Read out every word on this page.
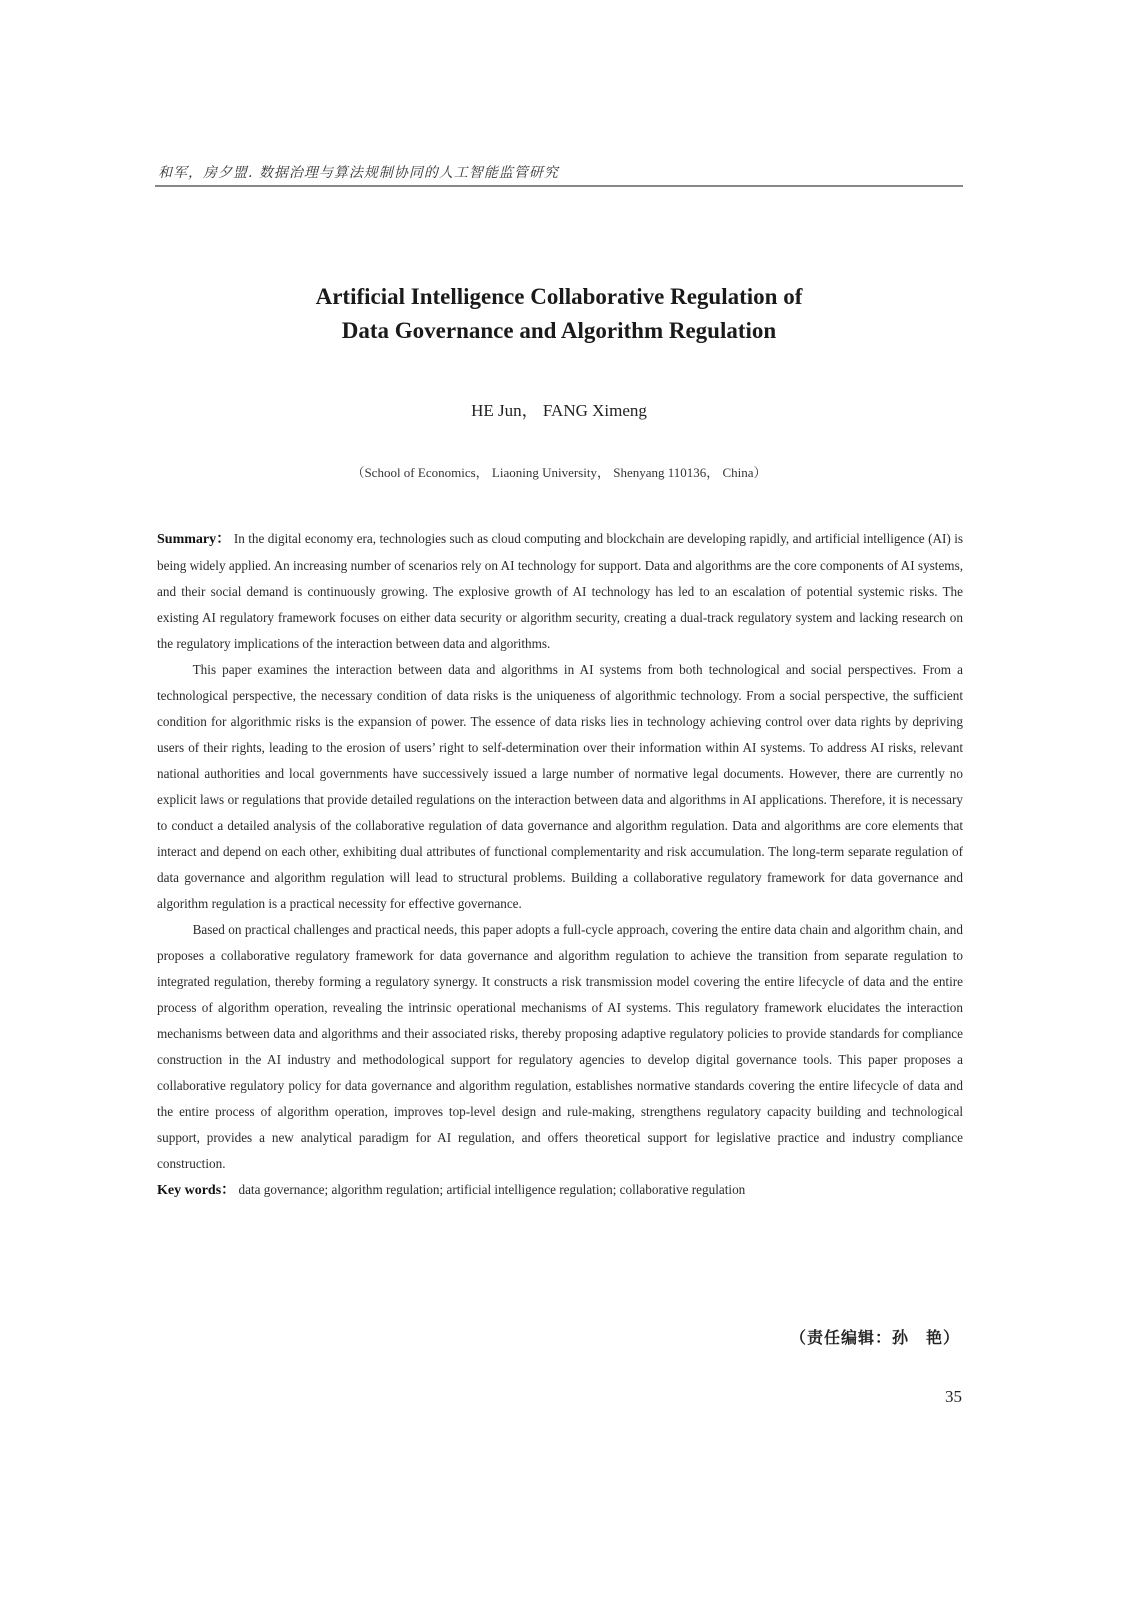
和军，房夕盟. 数据治理与算法规制协同的人工智能监管研究
Artificial Intelligence Collaborative Regulation of
Data Governance and Algorithm Regulation
HE Jun， FANG Ximeng
（School of Economics， Liaoning University， Shenyang 110136， China）

Summary： In the digital economy era, technologies such as cloud computing and blockchain are developing rapidly, and artificial intelligence (AI) is being widely applied. An increasing number of scenarios rely on AI technology for support. Data and algorithms are the core components of AI systems, and their social demand is continuously growing. The explosive growth of AI technology has led to an escalation of potential systemic risks. The existing AI regulatory framework focuses on either data security or algorithm security, creating a dual-track regulatory system and lacking research on the regulatory implications of the interaction between data and algorithms.

This paper examines the interaction between data and algorithms in AI systems from both technological and social perspectives. From a technological perspective, the necessary condition of data risks is the uniqueness of algorithmic technology. From a social perspective, the sufficient condition for algorithmic risks is the expansion of power. The essence of data risks lies in technology achieving control over data rights by depriving users of their rights, leading to the erosion of users’ right to self-determination over their information within AI systems. To address AI risks, relevant national authorities and local governments have successively issued a large number of normative legal documents. However, there are currently no explicit laws or regulations that provide detailed regulations on the interaction between data and algorithms in AI applications. Therefore, it is necessary to conduct a detailed analysis of the collaborative regulation of data governance and algorithm regulation. Data and algorithms are core elements that interact and depend on each other, exhibiting dual attributes of functional complementarity and risk accumulation. The long-term separate regulation of data governance and algorithm regulation will lead to structural problems. Building a collaborative regulatory framework for data governance and algorithm regulation is a practical necessity for effective governance.

Based on practical challenges and practical needs, this paper adopts a full-cycle approach, covering the entire data chain and algorithm chain, and proposes a collaborative regulatory framework for data governance and algorithm regulation to achieve the transition from separate regulation to integrated regulation, thereby forming a regulatory synergy. It constructs a risk transmission model covering the entire lifecycle of data and the entire process of algorithm operation, revealing the intrinsic operational mechanisms of AI systems. This regulatory framework elucidates the interaction mechanisms between data and algorithms and their associated risks, thereby proposing adaptive regulatory policies to provide standards for compliance construction in the AI industry and methodological support for regulatory agencies to develop digital governance tools. This paper proposes a collaborative regulatory policy for data governance and algorithm regulation, establishes normative standards covering the entire lifecycle of data and the entire process of algorithm operation, improves top-level design and rule-making, strengthens regulatory capacity building and technological support, provides a new analytical paradigm for AI regulation, and offers theoretical support for legislative practice and industry compliance construction.

Key words： data governance; algorithm regulation; artificial intelligence regulation; collaborative regulation

（责任编辑：孙　艳）
35
